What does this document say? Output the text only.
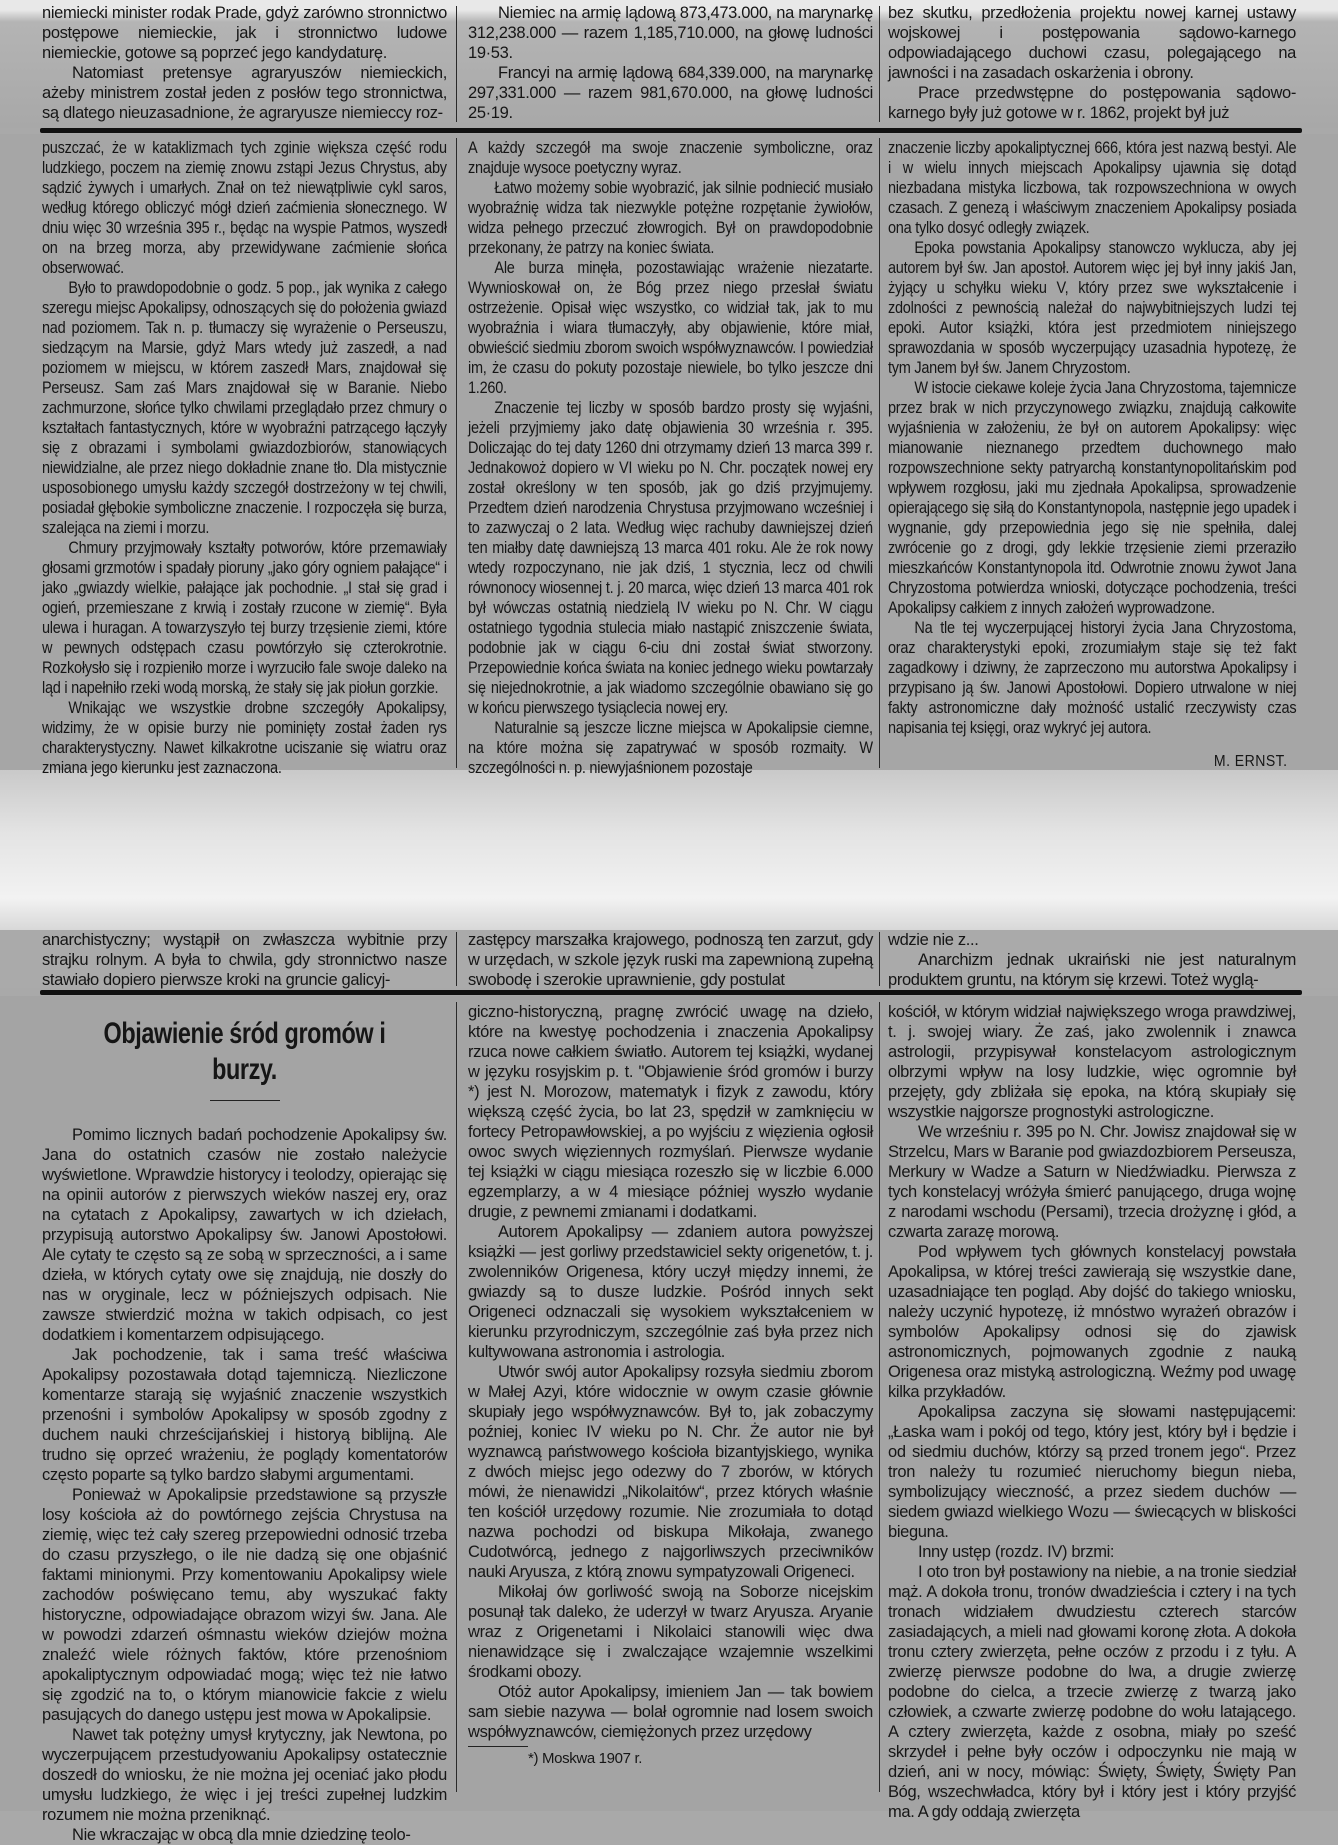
niemiecki minister rodak Prade, gdyż zarówno stronnictwo postępowe niemieckie, jak i stronnictwo ludowe niemieckie, gotowe są poprzeć jego kandydaturę.

Natomiast pretensye agraryuszów niemieckich, ażeby ministrem został jeden z posłów tego stronnictwa, są dlatego nieuzasadnione, że agraryusze niemieccy roz-

Niemiec na armię lądową 873,473.000, na marynarkę 312,238.000 — razem 1,185,710.000, na głowę ludności 19·53.

Francyi na armię lądową 684,339.000, na marynarkę 297,331.000 — razem 981,670.000, na głowę ludności 25·19.

bez skutku, przedłożenia projektu nowej karnej ustawy wojskowej i postępowania sądowo-karnego odpowiadającego duchowi czasu, polegającego na jawności i na zasadach oskarżenia i obrony.

Prace przedwstępne do postępowania sądowo-karnego były już gotowe w r. 1862, projekt był już

puszczać, że w kataklizmach tych zginie większa część rodu ludzkiego, poczem na ziemię znowu zstąpi Jezus Chrystus, aby sądzić żywych i umarłych. Znał on też niewątpliwie cykl saros, według którego obliczyć mógł dzień zaćmienia słonecznego. W dniu więc 30 września 395 r., będąc na wyspie Patmos, wyszedł on na brzeg morza, aby przewidywane zaćmienie słońca obserwować.

Było to prawdopodobnie o godz. 5 pop., jak wynika z całego szeregu miejsc Apokalipsy, odnoszących się do położenia gwiazd nad poziomem. Tak n. p. tłumaczy się wyrażenie o Perseuszu, siedzącym na Marsie, gdyż Mars wtedy już zaszedł, a nad poziomem w miejscu, w którem zaszedł Mars, znajdował się Perseusz. Sam zaś Mars znajdował się w Baranie. Niebo zachmurzone, słońce tylko chwilami przeglądało przez chmury o kształtach fantastycznych, które w wyobraźni patrzącego łączyły się z obrazami i symbolami gwiazdozbiorów, stanowiących niewidzialne, ale przez niego dokładnie znane tło. Dla mistycznie usposobionego umysłu każdy szczegół dostrzeżony w tej chwili, posiadał głębokie symboliczne znaczenie. I rozpoczęła się burza, szalejąca na ziemi i morzu.

Chmury przyjmowały kształty potworów, które przemawiały głosami grzmotów i spadały pioruny „jako góry ogniem pałające“ i jako „gwiazdy wielkie, pałające jak pochodnie. „I stał się grad i ogień, przemieszane z krwią i zostały rzucone w ziemię“. Była ulewa i huragan. A towarzyszyło tej burzy trzęsienie ziemi, które w pewnych odstępach czasu powtórzyło się czterokrotnie. Rozkołysło się i rozpieniło morze i wyrzuciło fale swoje daleko na ląd i napełniło rzeki wodą morską, że stały się jak piołun gorzkie.

Wnikając we wszystkie drobne szczegóły Apokalipsy, widzimy, że w opisie burzy nie pominięty został żaden rys charakterystyczny. Nawet kilkakrotne uciszanie się wiatru oraz zmiana jego kierunku jest zaznaczona.

A każdy szczegół ma swoje znaczenie symboliczne, oraz znajduje wysoce poetyczny wyraz.

Łatwo możemy sobie wyobrazić, jak silnie podniecić musiało wyobraźnię widza tak niezwykle potężne rozpętanie żywiołów, widza pełnego przeczuć złowrogich. Był on prawdopodobnie przekonany, że patrzy na koniec świata.

Ale burza minęła, pozostawiając wrażenie niezatarte. Wywnioskował on, że Bóg przez niego przesłał światu ostrzeżenie. Opisał więc wszystko, co widział tak, jak to mu wyobraźnia i wiara tłumaczyły, aby objawienie, które miał, obwieścić siedmiu zborom swoich współwyznawców. I powiedział im, że czasu do pokuty pozostaje niewiele, bo tylko jeszcze dni 1.260.

Znaczenie tej liczby w sposób bardzo prosty się wyjaśni, jeżeli przyjmiemy jako datę objawienia 30 września r. 395. Doliczając do tej daty 1260 dni otrzymamy dzień 13 marca 399 r. Jednakowoż dopiero w VI wieku po N. Chr. początek nowej ery został określony w ten sposób, jak go dziś przyjmujemy. Przedtem dzień narodzenia Chrystusa przyjmowano wcześniej i to zazwyczaj o 2 lata. Według więc rachuby dawniejszej dzień ten miałby datę dawniejszą 13 marca 401 roku. Ale że rok nowy wtedy rozpoczynano, nie jak dziś, 1 stycznia, lecz od chwili równonocy wiosennej t. j. 20 marca, więc dzień 13 marca 401 rok był wówczas ostatnią niedzielą IV wieku po N. Chr. W ciągu ostatniego tygodnia stulecia miało nastąpić zniszczenie świata, podobnie jak w ciągu 6-ciu dni został świat stworzony. Przepowiednie końca świata na koniec jednego wieku powtarzały się niejednokrotnie, a jak wiadomo szczególnie obawiano się go w końcu pierwszego tysiąclecia nowej ery.

Naturalnie są jeszcze liczne miejsca w Apokalipsie ciemne, na które można się zapatrywać w sposób rozmaity. W szczególności n. p. niewyjaśnionem pozostaje

znaczenie liczby apokaliptycznej 666, która jest nazwą bestyi. Ale i w wielu innych miejscach Apokalipsy ujawnia się dotąd niezbadana mistyka liczbowa, tak rozpowszechniona w owych czasach. Z genezą i właściwym znaczeniem Apokalipsy posiada ona tylko dosyć odległy związek.

Epoka powstania Apokalipsy stanowczo wyklucza, aby jej autorem był św. Jan apostoł. Autorem więc jej był inny jakiś Jan, żyjący u schyłku wieku V, który przez swe wykształcenie i zdolności z pewnością należał do najwybitniejszych ludzi tej epoki. Autor książki, która jest przedmiotem niniejszego sprawozdania w sposób wyczerpujący uzasadnia hypotezę, że tym Janem był św. Janem Chryzostom.

W istocie ciekawe koleje życia Jana Chryzostoma, tajemnicze przez brak w nich przyczynowego związku, znajdują całkowite wyjaśnienia w założeniu, że był on autorem Apokalipsy: więc mianowanie nieznanego przedtem duchownego mało rozpowszechnione sekty patryarchą konstantynopolitańskim pod wpływem rozgłosu, jaki mu zjednała Apokalipsa, sprowadzenie opierającego się siłą do Konstantynopola, następnie jego upadek i wygnanie, gdy przepowiednia jego się nie spełniła, dalej zwrócenie go z drogi, gdy lekkie trzęsienie ziemi przeraziło mieszkańców Konstantynopola itd. Odwrotnie znowu żywot Jana Chryzostoma potwierdza wnioski, dotyczące pochodzenia, treści Apokalipsy całkiem z innych założeń wyprowadzone.

Na tle tej wyczerpującej historyi życia Jana Chryzostoma, oraz charakterystyki epoki, zrozumiałym staje się też fakt zagadkowy i dziwny, że zaprzeczono mu autorstwa Apokalipsy i przypisano ją św. Janowi Apostołowi. Dopiero utrwalone w niej fakty astronomiczne dały możność ustalić rzeczywisty czas napisania tej księgi, oraz wykryć jej autora.

M. ERNST.

anarchistyczny; wystąpił on zwłaszcza wybitnie przy strajku rolnym. A była to chwila, gdy stronnictwo nasze stawiało dopiero pierwsze kroki na gruncie galicyj-

zastępcy marszałka krajowego, podnoszą ten zarzut, gdy w urzędach, w szkole język ruski ma zapewnioną zupełną swobodę i szerokie uprawnienie, gdy postulat

wdzie nie z...

Anarchizm jednak ukraiński nie jest naturalnym produktem gruntu, na którym się krzewi. Toteż wyglą-

Objawienie śród gromów i burzy.

Pomimo licznych badań pochodzenie Apokalipsy św. Jana do ostatnich czasów nie zostało należycie wyświetlone. Wprawdzie historycy i teolodzy, opierając się na opinii autorów z pierwszych wieków naszej ery, oraz na cytatach z Apokalipsy, zawartych w ich dziełach, przypisują autorstwo Apokalipsy św. Janowi Apostołowi. Ale cytaty te często są ze sobą w sprzeczności, a i same dzieła, w których cytaty owe się znajdują, nie doszły do nas w oryginale, lecz w późniejszych odpisach. Nie zawsze stwierdzić można w takich odpisach, co jest dodatkiem i komentarzem odpisującego.

Jak pochodzenie, tak i sama treść właściwa Apokalipsy pozostawała dotąd tajemniczą. Niezliczone komentarze starają się wyjaśnić znaczenie wszystkich przenośni i symbolów Apokalipsy w sposób zgodny z duchem nauki chrześcijańskiej i historyą biblijną. Ale trudno się oprzeć wrażeniu, że poglądy komentatorów często poparte są tylko bardzo słabymi argumentami.

Ponieważ w Apokalipsie przedstawione są przyszłe losy kościoła aż do powtórnego zejścia Chrystusa na ziemię, więc też cały szereg przepowiedni odnosić trzeba do czasu przyszłego, o ile nie dadzą się one objaśnić faktami minionymi. Przy komentowaniu Apokalipsy wiele zachodów poświęcano temu, aby wyszukać fakty historyczne, odpowiadające obrazom wizyi św. Jana. Ale w powodzi zdarzeń ośmnastu wieków dziejów można znaleźć wiele różnych faktów, które przenośniom apokaliptycznym odpowiadać mogą; więc też nie łatwo się zgodzić na to, o którym mianowicie fakcie z wielu pasujących do danego ustępu jest mowa w Apokalipsie.

Nawet tak potężny umysł krytyczny, jak Newtona, po wyczerpującem przestudyowaniu Apokalipsy ostatecznie doszedł do wniosku, że nie można jej oceniać jako płodu umysłu ludzkiego, że więc i jej treści zupełnej ludzkim rozumem nie można przeniknąć.

Nie wkraczając w obcą dla mnie dziedzinę teolo-

giczno-historyczną, pragnę zwrócić uwagę na dzieło, które na kwestyę pochodzenia i znaczenia Apokalipsy rzuca nowe całkiem światło. Autorem tej książki, wydanej w języku rosyjskim p. t. "Objawienie śród gromów i burzy *) jest N. Morozow, matematyk i fizyk z zawodu, który większą część życia, bo lat 23, spędził w zamknięciu w fortecy Petropawłowskiej, a po wyjściu z więzienia ogłosił owoc swych więziennych rozmyślań. Pierwsze wydanie tej książki w ciągu miesiąca rozeszło się w liczbie 6.000 egzemplarzy, a w 4 miesiące później wyszło wydanie drugie, z pewnemi zmianami i dodatkami.

Autorem Apokalipsy — zdaniem autora powyższej książki — jest gorliwy przedstawiciel sekty origenetów, t. j. zwolenników Origenesa, który uczył między innemi, że gwiazdy są to dusze ludzkie. Pośród innych sekt Origeneci odznaczali się wysokiem wykształceniem w kierunku przyrodniczym, szczególnie zaś była przez nich kultywowana astronomia i astrologia.

Utwór swój autor Apokalipsy rozsyła siedmiu zborom w Małej Azyi, które widocznie w owym czasie głównie skupiały jego współwyznawców. Był to, jak zobaczymy poźniej, koniec IV wieku po N. Chr. Że autor nie był wyznawcą państwowego kościoła bizantyjskiego, wynika z dwóch miejsc jego odezwy do 7 zborów, w których mówi, że nienawidzi „Nikolaitów“, przez których właśnie ten kościół urzędowy rozumie. Nie zrozumiała to dotąd nazwa pochodzi od biskupa Mikołaja, zwanego Cudotwórcą, jednego z najgorliwszych przeciwników nauki Aryusza, z którą znowu sympatyzowali Origeneci.

Mikołaj ów gorliwość swoją na Soborze nicejskim posunął tak daleko, że uderzył w twarz Aryusza. Aryanie wraz z Origenetami i Nikolaici stanowili więc dwa nienawidzące się i zwalczające wzajemnie wszelkimi środkami obozy.

Otóż autor Apokalipsy, imieniem Jan — tak bowiem sam siebie nazywa — bolał ogromnie nad losem swoich współwyznawców, ciemiężonych przez urzędowy

*) Moskwa 1907 r.

kościół, w którym widział największego wroga prawdziwej, t. j. swojej wiary. Że zaś, jako zwolennik i znawca astrologii, przypisywał konstelacyom astrologicznym olbrzymi wpływ na losy ludzkie, więc ogromnie był przejęty, gdy zbliżała się epoka, na którą skupiały się wszystkie najgorsze prognostyki astrologiczne.

We wrześniu r. 395 po N. Chr. Jowisz znajdował się w Strzelcu, Mars w Baranie pod gwiazdozbiorem Perseusza, Merkury w Wadze a Saturn w Niedźwiadku. Pierwsza z tych konstelacyj wróżyła śmierć panującego, druga wojnę z narodami wschodu (Persami), trzecia drożyznę i głód, a czwarta zarazę morową.

Pod wpływem tych głównych konstelacyj powstała Apokalipsa, w której treści zawierają się wszystkie dane, uzasadniające ten pogląd. Aby dojść do takiego wniosku, należy uczynić hypotezę, iż mnóstwo wyrażeń obrazów i symbolów Apokalipsy odnosi się do zjawisk astronomicznych, pojmowanych zgodnie z nauką Origenesa oraz mistyką astrologiczną. Weźmy pod uwagę kilka przykładów.

Apokalipsa zaczyna się słowami następującemi: „Łaska wam i pokój od tego, który jest, który był i będzie i od siedmiu duchów, którzy są przed tronem jego“. Przez tron należy tu rozumieć nieruchomy biegun nieba, symbolizujący wieczność, a przez siedem duchów — siedem gwiazd wielkiego Wozu — świecących w bliskości bieguna.

Inny ustęp (rozdz. IV) brzmi:

I oto tron był postawiony na niebie, a na tronie siedział mąż. A dokoła tronu, tronów dwadzieścia i cztery i na tych tronach widziałem dwudziestu czterech starców zasiadających, a mieli nad głowami koronę złota. A dokoła tronu cztery zwierzęta, pełne oczów z przodu i z tyłu. A zwierzę pierwsze podobne do lwa, a drugie zwierzę podobne do cielca, a trzecie zwierzę z twarzą jako człowiek, a czwarte zwierzę podobne do wołu latającego. A cztery zwierzęta, każde z osobna, miały po sześć skrzydeł i pełne były oczów i odpoczynku nie mają w dzień, ani w nocy, mówiąc: Święty, Święty, Święty Pan Bóg, wszechwładca, który był i który jest i który przyjść ma. A gdy oddają zwierzęta
